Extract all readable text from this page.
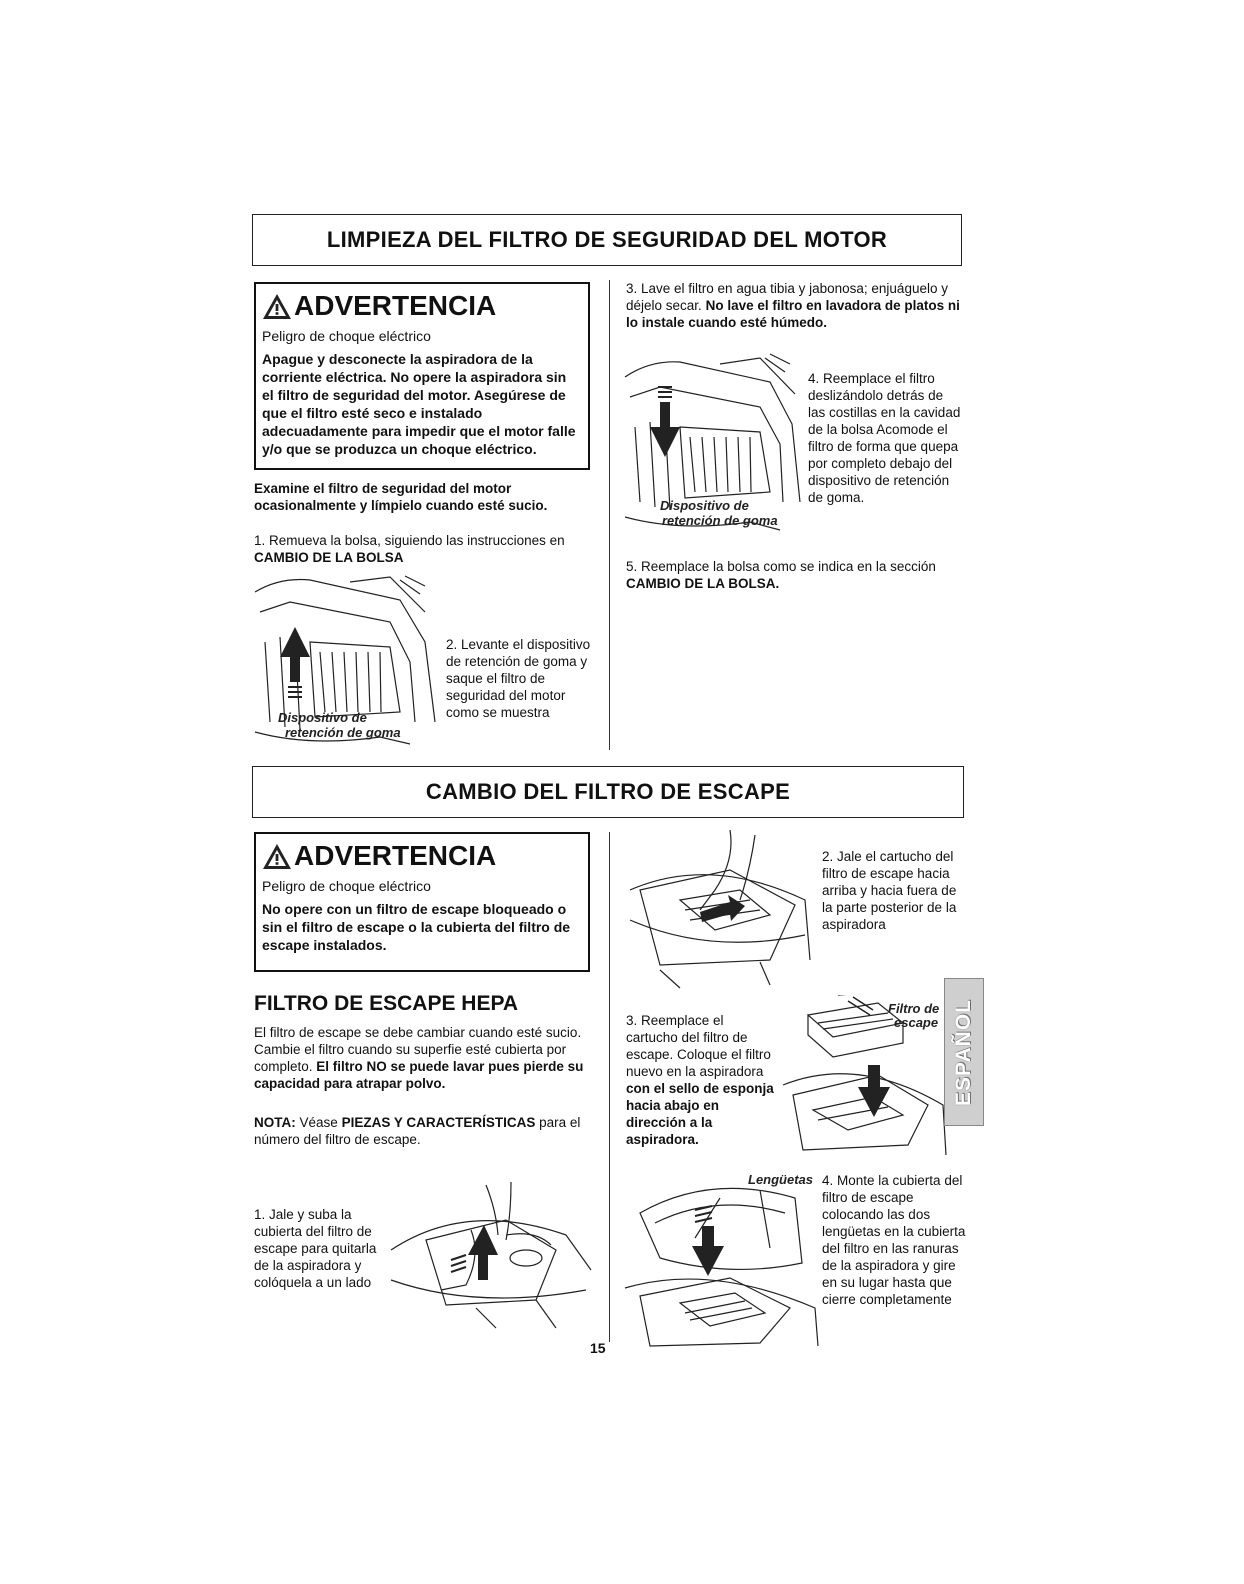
LIMPIEZA DEL FILTRO DE SEGURIDAD DEL MOTOR
ADVERTENCIA
Peligro de choque eléctrico
Apague y desconecte la aspiradora de la corriente eléctrica. No opere la aspiradora sin el filtro de seguridad del motor. Asegúrese de que el filtro esté seco e instalado adecuadamente para impedir que el motor falle y/o que se produzca un choque eléctrico.
Examine el filtro de seguridad del motor ocasionalmente y límpielo cuando esté sucio.
1. Remueva la bolsa, siguiendo las instrucciones en CAMBIO DE LA BOLSA
Dispositivo de
retención de goma
2. Levante el dispositivo de retención de goma y saque el filtro de seguridad del motor como se muestra
3. Lave el filtro en agua tibia y jabonosa; enjuáguelo y déjelo secar. No lave el filtro en lavadora de platos ni lo instale cuando esté húmedo.
Dispositivo de
retención de goma
4. Reemplace el filtro deslizándolo detrás de las costillas en la cavidad de la bolsa Acomode el filtro de forma que quepa por completo debajo del dispositivo de retención de goma.
5. Reemplace la bolsa como se indica en la sección CAMBIO DE LA BOLSA.
CAMBIO DEL FILTRO DE ESCAPE
ADVERTENCIA
Peligro de choque eléctrico
No opere con un filtro de escape bloqueado o sin el filtro de escape o la cubierta del filtro de escape instalados.
FILTRO DE ESCAPE HEPA
El filtro de escape se debe cambiar cuando esté sucio. Cambie el filtro cuando su superfie esté cubierta por completo. El filtro NO se puede lavar pues pierde su capacidad para atrapar polvo.
NOTA: Véase PIEZAS Y CARACTERÍSTICAS para el número del filtro de escape.
1. Jale y suba la cubierta del filtro de escape para quitarla de la aspiradora y colóquela a un lado
15
2. Jale el cartucho del filtro de escape hacia arriba y hacia fuera de la parte posterior de la aspiradora
3. Reemplace el cartucho del filtro de escape. Coloque el filtro nuevo en la aspiradora con el sello de esponja hacia abajo en dirección a la aspiradora.
Filtro de
escape ESPAÑOL
Lengüetas 4. Monte la cubierta del filtro de escape colocando las dos lengüetas en la cubierta del filtro en las ranuras de la aspiradora y gire en su lugar hasta que cierre completamente
